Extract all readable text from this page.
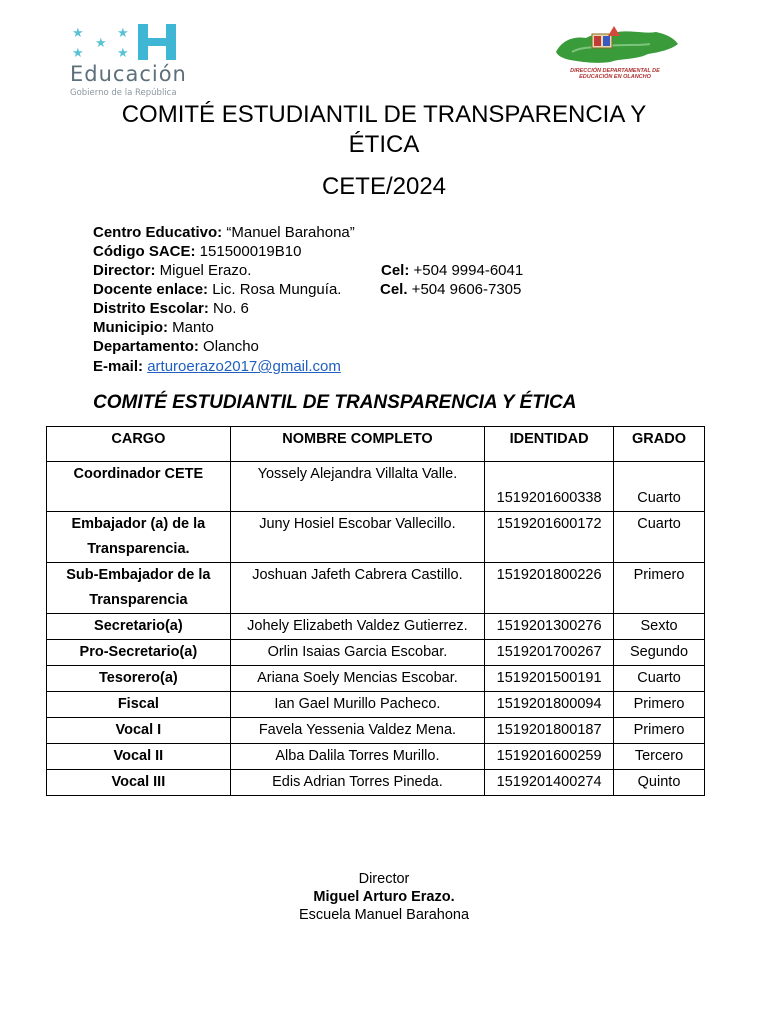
★
★
★
★	★
Educación
Gobierno de la República
DIRECCIÓN DEPARTAMENTAL DE EDUCACIÓN EN OLANCHO
COMITÉ ESTUDIANTIL DE TRANSPARENCIA Y
ÉTICA
CETE/2024
Centro Educativo: “Manuel Barahona”
Código SACE: 151500019B10
Director: Miguel Erazo.	Cel: +504 9994-6041
Docente enlace: Lic. Rosa Munguía.	Cel. +504 9606-7305
Distrito Escolar: No. 6
Municipio: Manto
Departamento: Olancho
E-mail: arturoerazo2017@gmail.com
COMITÉ ESTUDIANTIL DE TRANSPARENCIA Y ÉTICA
CARGO	NOMBRE COMPLETO	IDENTIDAD	GRADO
Coordinador CETE	Yossely Alejandra Villalta Valle.	1519201600338	Cuarto
Embajador (a) de la Transparencia.	Juny Hosiel Escobar Vallecillo.	1519201600172	Cuarto
Sub-Embajador de la Transparencia	Joshuan Jafeth Cabrera Castillo.	1519201800226	Primero
Secretario(a)	Johely Elizabeth Valdez Gutierrez.	1519201300276	Sexto
Pro-Secretario(a)	Orlin Isaias Garcia Escobar.	1519201700267	Segundo
Tesorero(a)	Ariana Soely Mencias Escobar.	1519201500191	Cuarto
Fiscal	Ian Gael Murillo Pacheco.	1519201800094	Primero
Vocal I	Favela Yessenia Valdez Mena.	1519201800187	Primero
Vocal II	Alba Dalila Torres Murillo.	1519201600259	Tercero
Vocal III	Edis Adrian Torres Pineda.	1519201400274	Quinto
Director
Miguel Arturo Erazo.
Escuela Manuel Barahona
